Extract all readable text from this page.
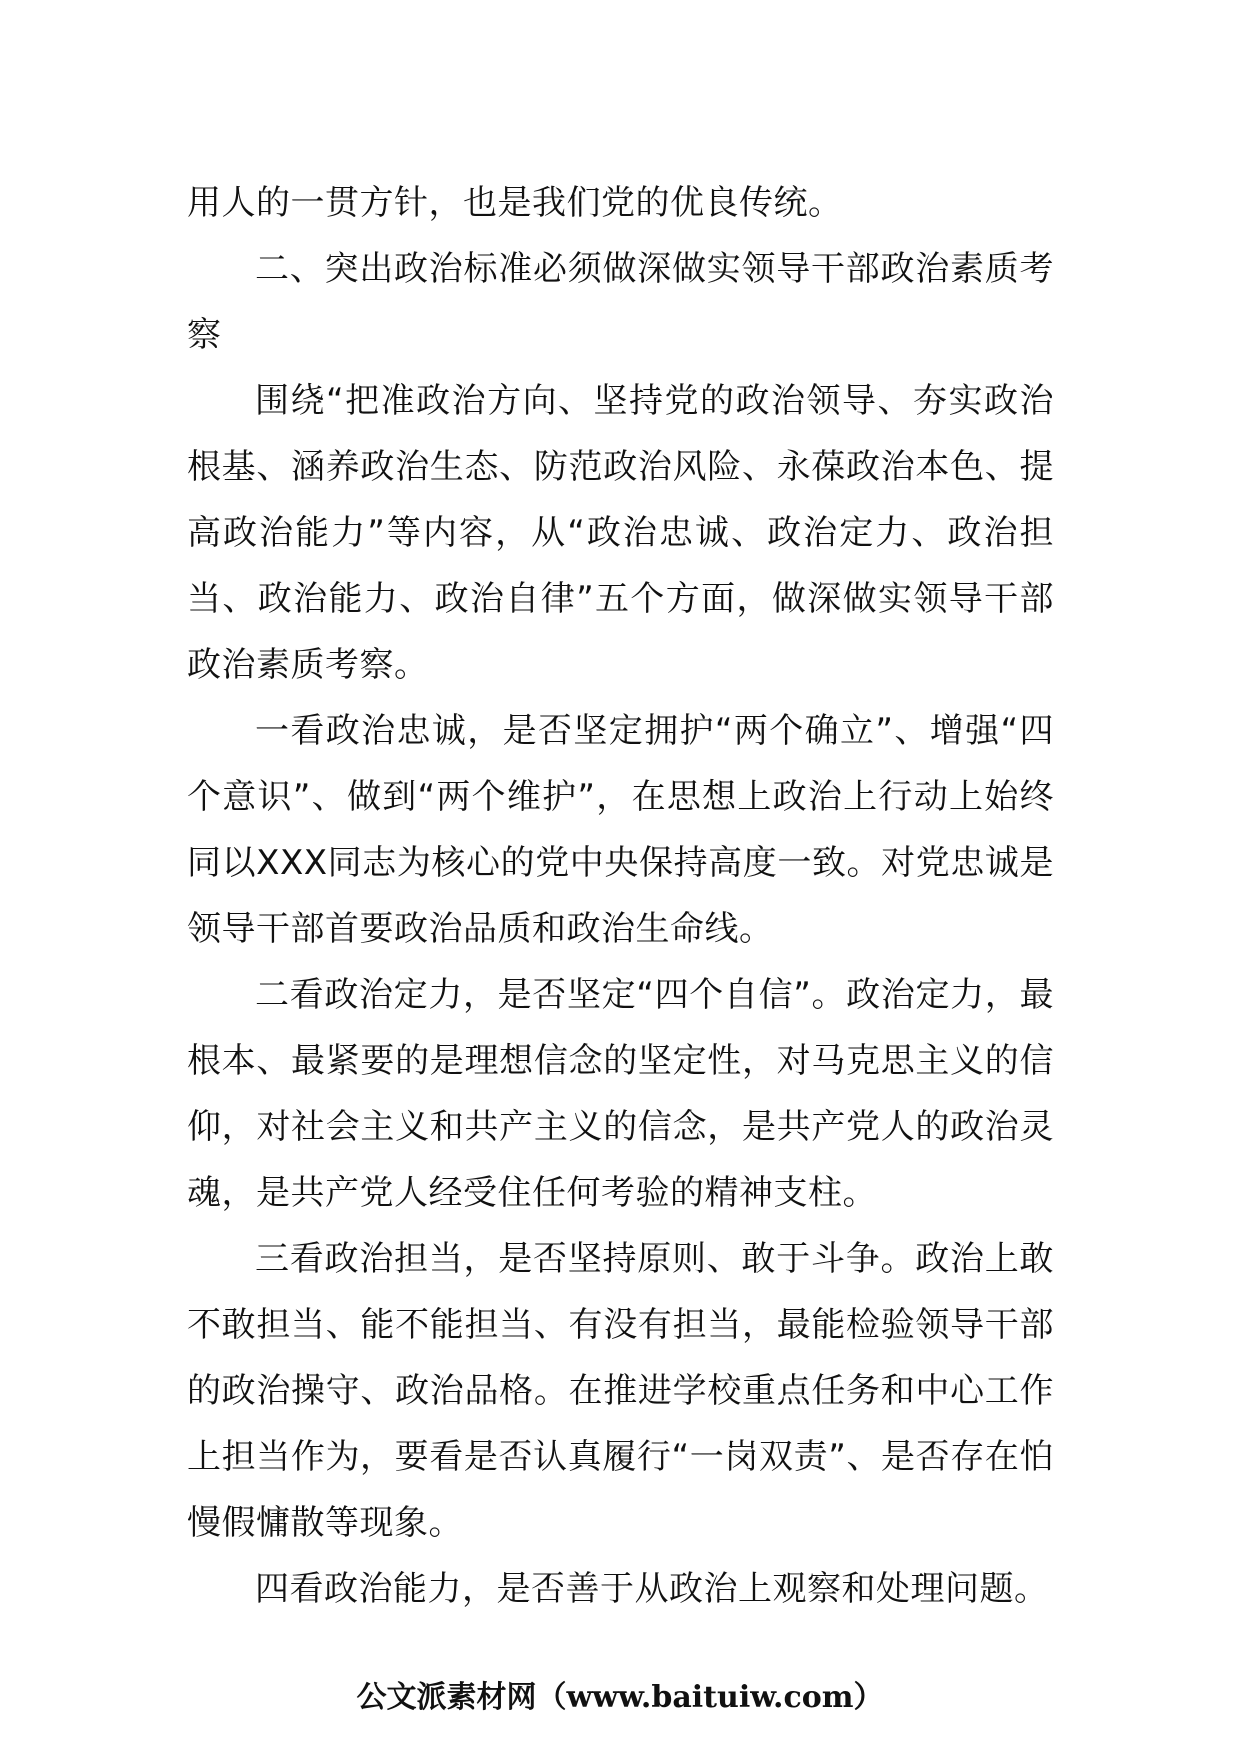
用人的一贯方针，也是我们党的优良传统。

二、突出政治标准必须做深做实领导干部政治素质考察

围绕“把准政治方向、坚持党的政治领导、夯实政治根基、涵养政治生态、防范政治风险、永葆政治本色、提高政治能力”等内容，从“政治忠诚、政治定力、政治担当、政治能力、政治自律”五个方面，做深做实领导干部政治素质考察。

一看政治忠诚，是否坚定拥护“两个确立”、增强“四个意识”、做到“两个维护”，在思想上政治上行动上始终同以XXX同志为核心的党中央保持高度一致。对党忠诚是领导干部首要政治品质和政治生命线。

二看政治定力，是否坚定“四个自信”。政治定力，最根本、最紧要的是理想信念的坚定性，对马克思主义的信仰，对社会主义和共产主义的信念，是共产党人的政治灵魂，是共产党人经受住任何考验的精神支柱。

三看政治担当，是否坚持原则、敢于斗争。政治上敢不敢担当、能不能担当、有没有担当，最能检验领导干部的政治操守、政治品格。在推进学校重点任务和中心工作上担当作为，要看是否认真履行“一岗双责”、是否存在怕慢假慵散等现象。

四看政治能力，是否善于从政治上观察和处理问题。

公文派素材网（www.baituiw.com）
